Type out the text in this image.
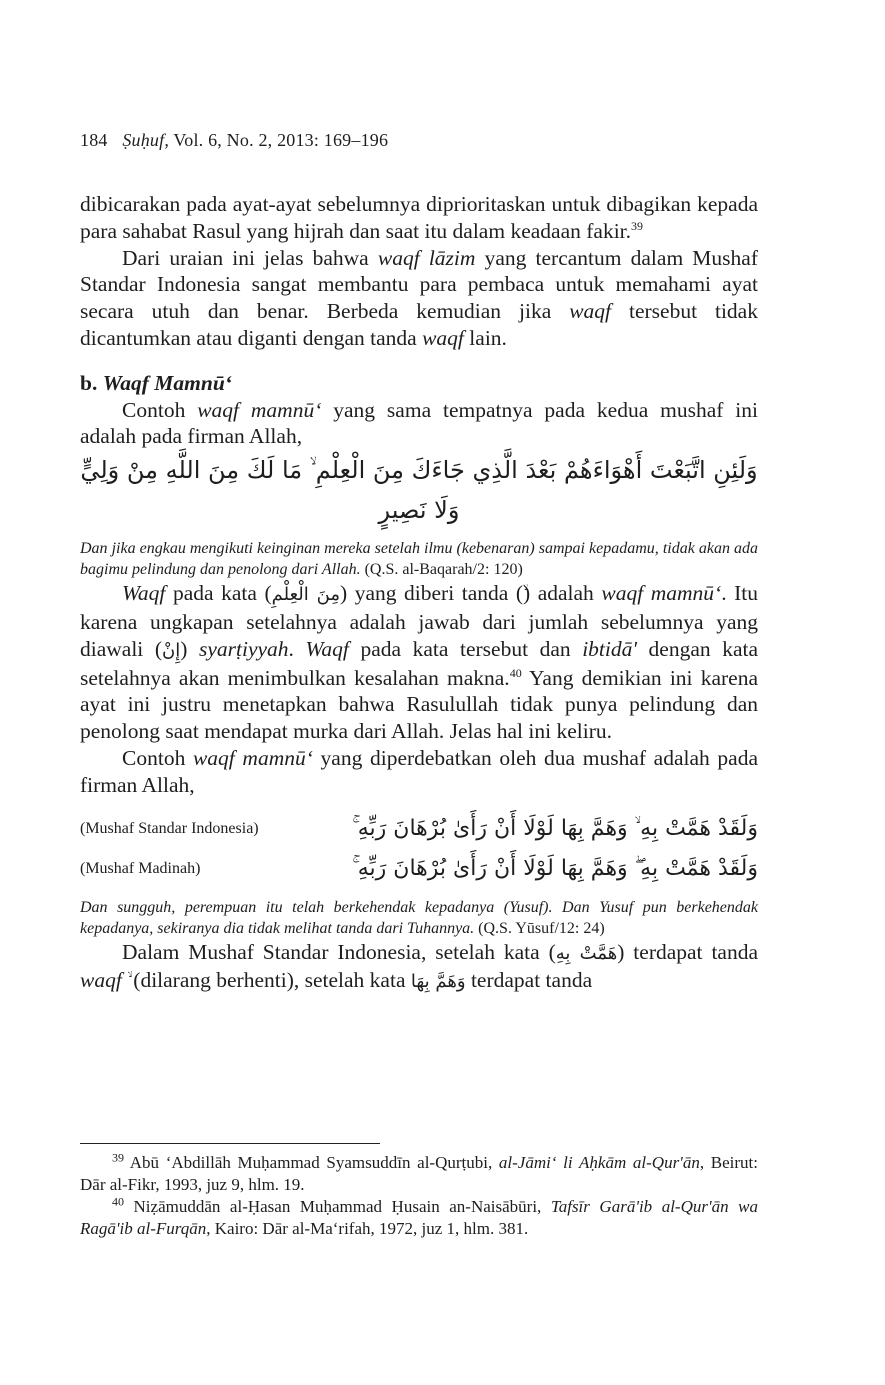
184 Ṣuḥuf, Vol. 6, No. 2, 2013: 169–196

dibicarakan pada ayat-ayat sebelumnya diprioritaskan untuk dibagikan kepada para sahabat Rasul yang hijrah dan saat itu dalam keadaan fakir.$^{39}$

Dari uraian ini jelas bahwa waqf lāzim yang tercantum dalam Mushaf Standar Indonesia sangat membantu para pembaca untuk memahami ayat secara utuh dan benar. Berbeda kemudian jika waqf tersebut tidak dicantumkan atau diganti dengan tanda waqf lain.

b. Waqf Mamnū‘

Contoh waqf mamnū‘ yang sama tempatnya pada kedua mushaf ini adalah pada firman Allah,

وَلَئِنِ اتَّبَعْتَ أَهْوَاءَهُمْ بَعْدَ الَّذِي جَاءَكَ مِنَ الْعِلْمِ ۙ مَا لَكَ مِنَ اللَّهِ مِنْ وَلِيٍّ وَلَا نَصِيرٍ

Dan jika engkau mengikuti keinginan mereka setelah ilmu (kebenaran) sampai kepadamu, tidak akan ada bagimu pelindung dan penolong dari Allah. (Q.S. al-Baqarah/2: 120)

Waqf pada kata (مِنَ الْعِلْمِ) yang diberi tanda () adalah waqf mamnū‘. Itu karena ungkapan setelahnya adalah jawab dari jumlah sebelumnya yang diawali (إِنْ) syarṭiyyah. Waqf pada kata tersebut dan ibtidā' dengan kata setelahnya akan menimbulkan kesalahan makna.$^{40}$ Yang demikian ini karena ayat ini justru menetapkan bahwa Rasulullah tidak punya pelindung dan penolong saat mendapat murka dari Allah. Jelas hal ini keliru.

Contoh waqf mamnū‘ yang diperdebatkan oleh dua mushaf adalah pada firman Allah,

(Mushaf Standar Indonesia)	وَلَقَدْ هَمَّتْ بِهِ ۙ وَهَمَّ بِهَا لَوْلَا أَنْ رَأَىٰ بُرْهَانَ رَبِّهِ ۚ
(Mushaf Madinah)	وَلَقَدْ هَمَّتْ بِهِ ۖ وَهَمَّ بِهَا لَوْلَا أَنْ رَأَىٰ بُرْهَانَ رَبِّهِ ۚ

Dan sungguh, perempuan itu telah berkehendak kepadanya (Yusuf). Dan Yusuf pun berkehendak kepadanya, sekiranya dia tidak melihat tanda dari Tuhannya. (Q.S. Yūsuf/12: 24)

Dalam Mushaf Standar Indonesia, setelah kata (هَمَّتْ بِهِ) terdapat tanda waqf ۙ (dilarang berhenti), setelah kata وَهَمَّ بِهَا terdapat tanda

$^{39}$ Abū ‘Abdillāh Muḥammad Syamsuddīn al-Qurṭubi, al-Jāmi‘ li Aḥkām al-Qur'ān, Beirut: Dār al-Fikr, 1993, juz 9, hlm. 19.

$^{40}$ Niẓāmuddān al-Ḥasan Muḥammad Ḥusain an-Naisābūri, Tafsīr Garā'ib al-Qur'ān wa Ragā'ib al-Furqān, Kairo: Dār al-Ma‘rifah, 1972, juz 1, hlm. 381.
